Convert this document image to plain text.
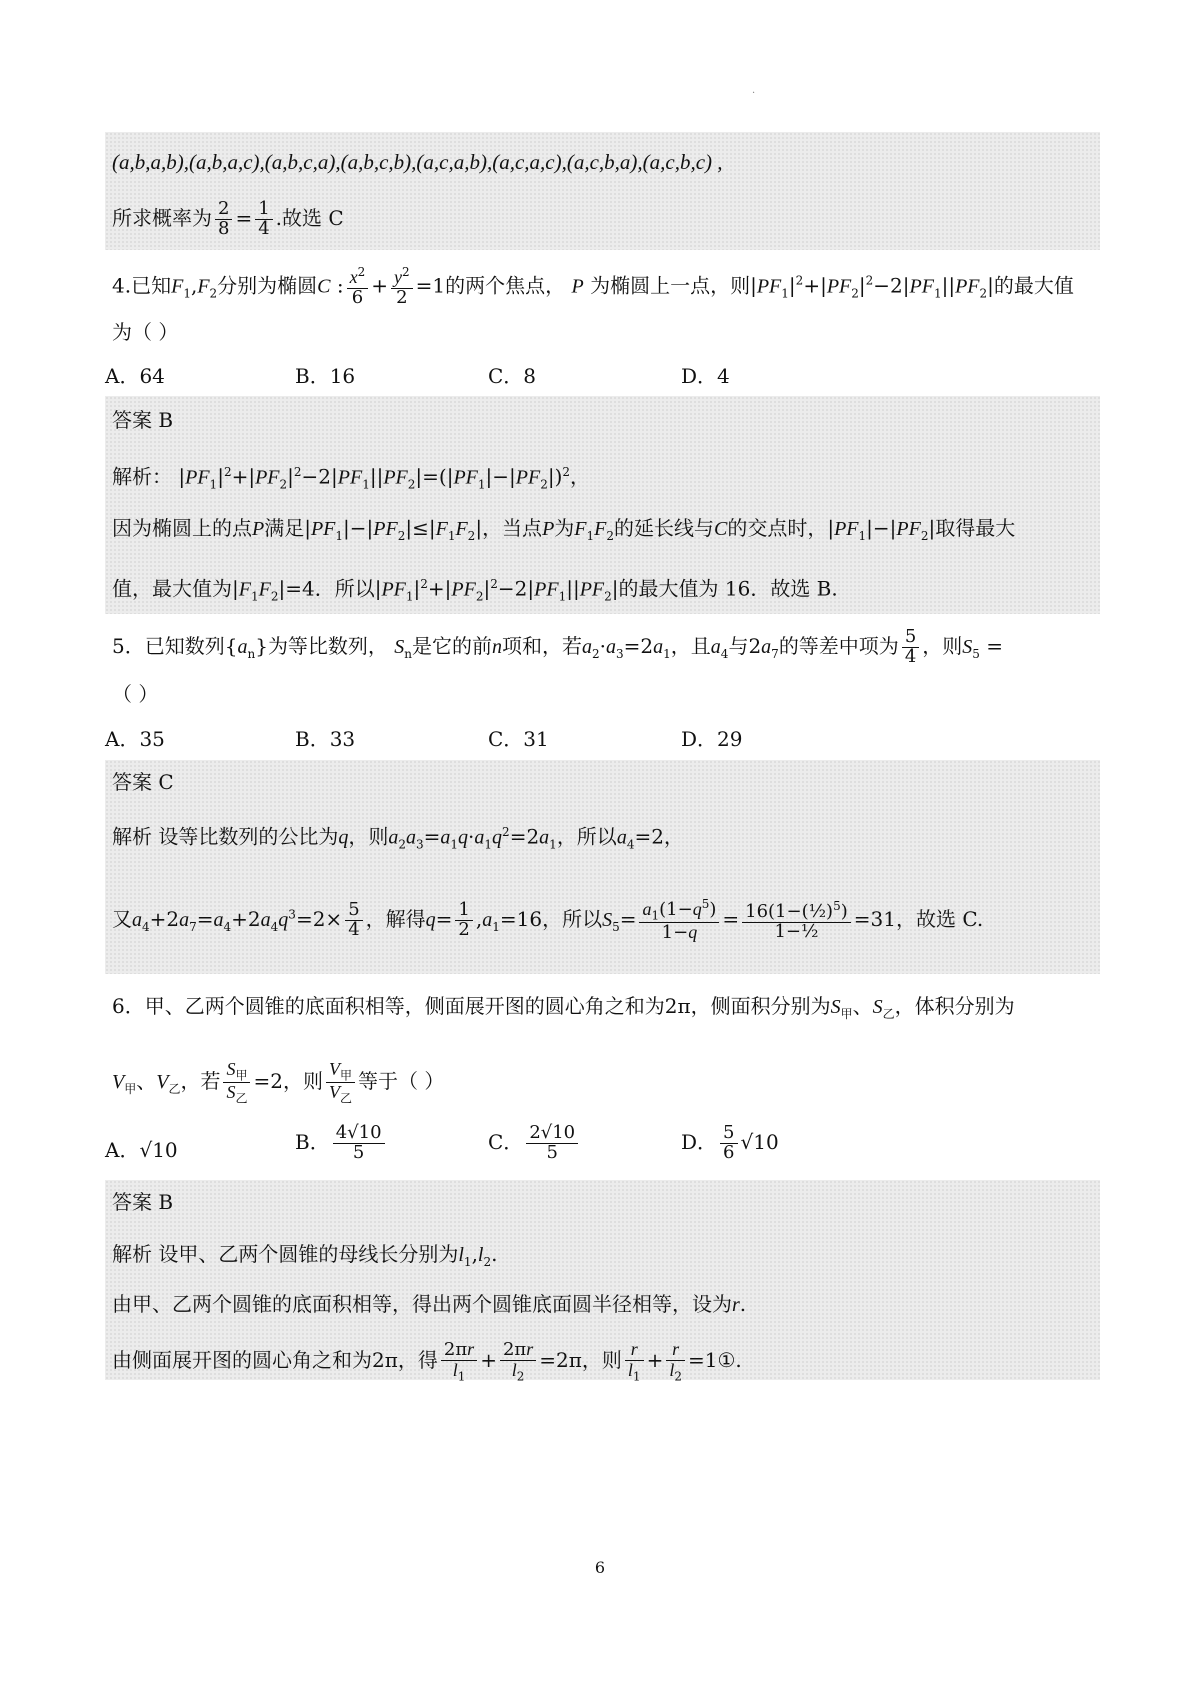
·
(a,b,a,b),(a,b,a,c),(a,b,c,a),(a,b,c,b),(a,c,a,b),(a,c,a,c),(a,c,b,a),(a,c,b,c) ,
所求概率为 $\frac{2}{8} = \frac{1}{4}$ .故选 C
4.已知$F_1,F_2$分别为椭圆C : $\frac{x^2}{6} + \frac{y^2}{2} =1$的两个焦点， P 为椭圆上一点，则$|PF_1|^2+|PF_2|^2-2|PF_1||PF_2|$的最大值
为（ ）
A．64	B．16	C．8	D．4
答案 B
解析： $|PF_1|^2+|PF_2|^2-2|PF_1||PF_2|=(|PF_1|-|PF_2|)^2$，
因为椭圆上的点P满足$|PF_1|-|PF_2|\le|F_1F_2|$，当点P为$F_1F_2$的延长线与C的交点时，$|PF_1|-|PF_2|$取得最大
值，最大值为$|F_1F_2|=4$．所以$|PF_1|^2+|PF_2|^2-2|PF_1||PF_2|$的最大值为 16．故选 B.
5．已知数列$\{a_n\}$为等比数列， $S_n$是它的前n项和，若$a_2\cdot a_3=2a_1$，且$a_4$与$2a_7$的等差中项为 $\frac{5}{4}$ ，则$S_5$ =
（ ）
A．35	B．33	C．31	D．29
答案 C
解析 设等比数列的公比为q，则$a_2a_3=a_1q\cdot a_1q^2=2a_1$，所以$a_4=2$，
又$a_4+2a_7=a_4+2a_4q^3=2\times \frac{5}{4}$ ，解得$q= \frac{1}{2} ,a_1=16$，所以$S_5= \frac{a_1(1-q^5)}{1-q} = \frac{16(1-(\frac{1}{2})^5)}{\text{1−½}} =31$，故选 C.
6．甲、乙两个圆锥的底面积相等，侧面展开图的圆心角之和为2π，侧面积分别为$S_甲$、$S_乙$，体积分别为
$V_甲$、$V_乙$，若 $\frac{S_甲}{S_乙} =2$，则 $\frac{V_甲}{V_乙}$ 等于（ ）
A．√10	B． $\frac{4√10}{5}$	C． $\frac{2√10}{5}$	D． $\frac{5}{6} √10$
答案 B
解析 设甲、乙两个圆锥的母线长分别为$l_1,l_2$.
由甲、乙两个圆锥的底面积相等，得出两个圆锥底面圆半径相等，设为r.
由侧面展开图的圆心角之和为2π，得 $\frac{2\pi r}{l_1} + \frac{2\pi r}{l_2} =2\pi$，则 $\frac{r}{l_1} + \frac{r}{l_2}$ =1①.
6
